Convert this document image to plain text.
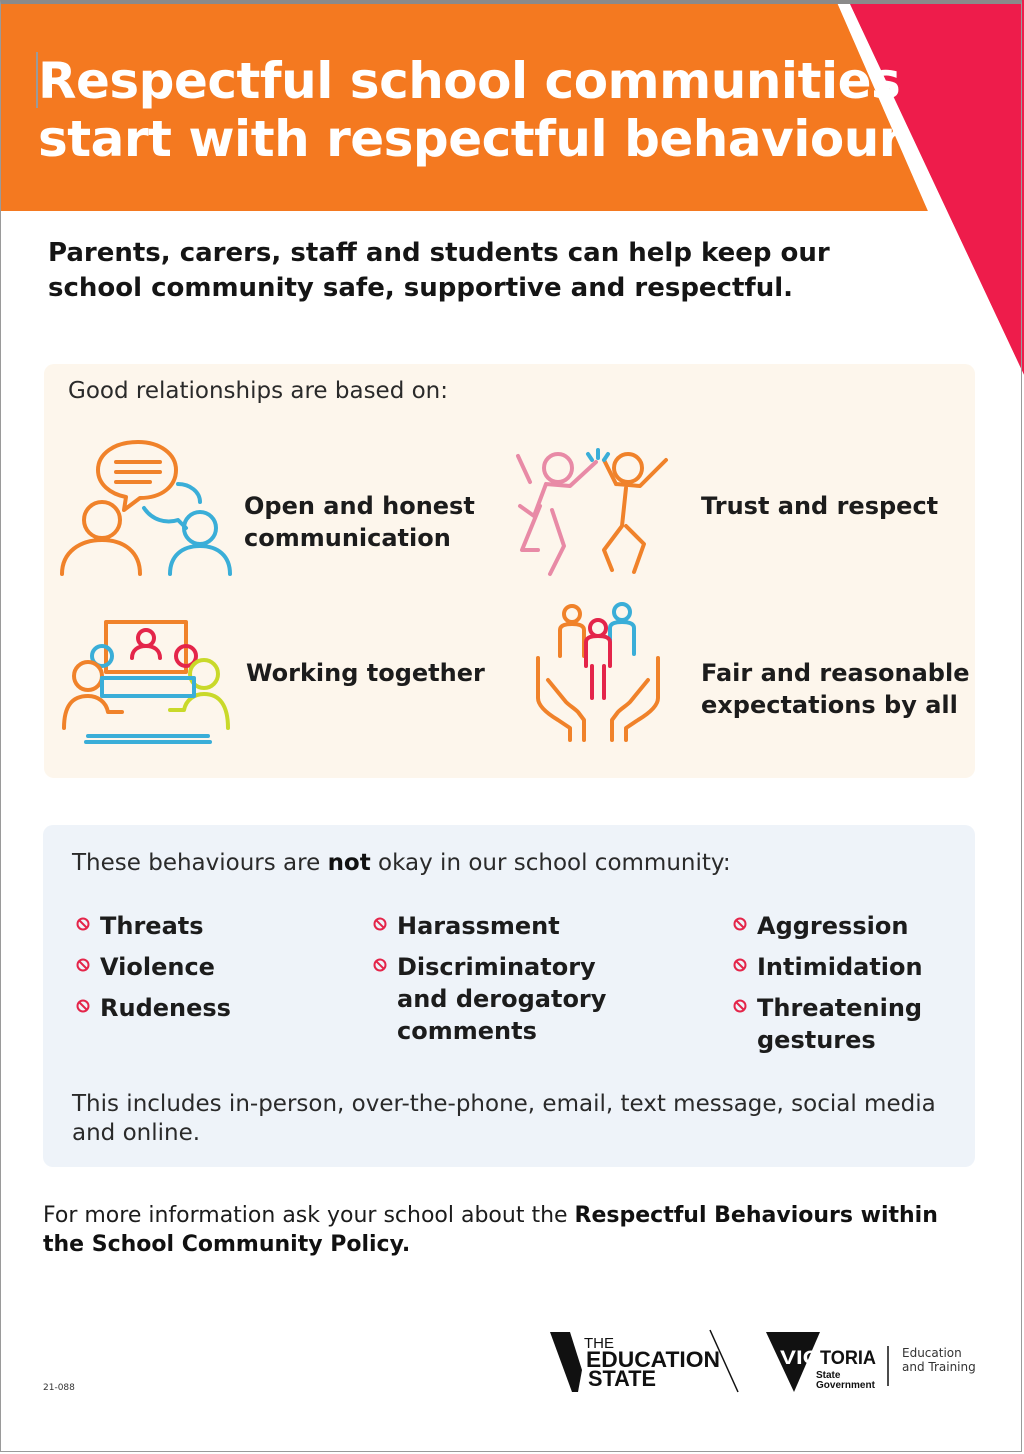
Respectful school communities
start with respectful behaviour

Parents, carers, staff and students can help keep our school community safe, supportive and respectful.

Good relationships are based on:
Open and honest
communication
Trust and respect
Working together	Fair and reasonable
expectations by all
These behaviours are not okay in our school community:
Threats
Violence
Rudeness
Harassment
Discriminatory
and derogatory
comments
Aggression
Intimidation
Threatening
gestures

This includes in-person, over-the-phone, email, text message, social media and online.

For more information ask your school about the Respectful Behaviours within the School Community Policy.

21-088
THE
EDUCATION
STATE
VIC TORIA
State
Government
Education
and Training
